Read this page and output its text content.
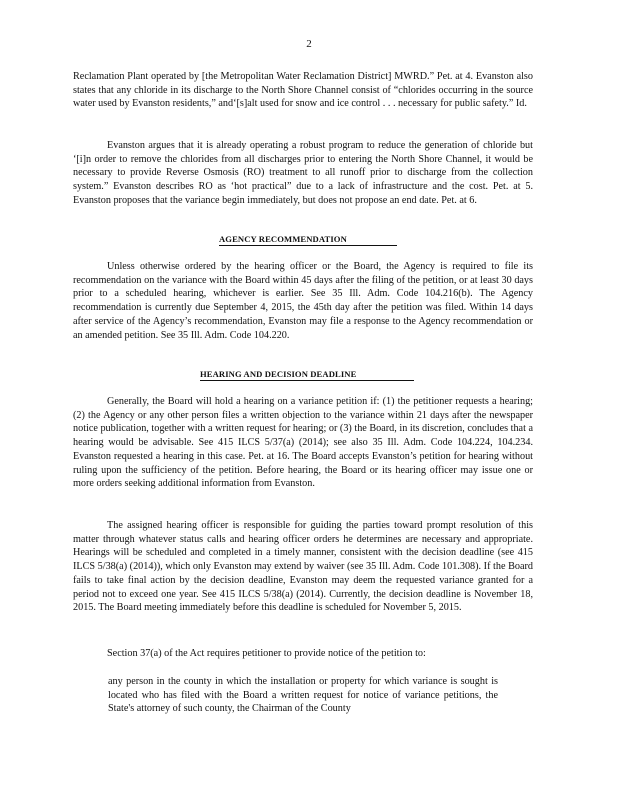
2
Reclamation Plant operated by [the Metropolitan Water Reclamation District] MWRD.” Pet. at 4. Evanston also states that any chloride in its discharge to the North Shore Channel consist of “chlorides occurring in the source water used by Evanston residents,” and‘[s]alt used for snow and ice control . . . necessary for public safety.” Id.
Evanston argues that it is already operating a robust program to reduce the generation of chloride but ‘[i]n order to remove the chlorides from all discharges prior to entering the North Shore Channel, it would be necessary to provide Reverse Osmosis (RO) treatment to all runoff prior to discharge from the collection system.” Evanston describes RO as ‘hot practical” due to a lack of infrastructure and the cost. Pet. at 5. Evanston proposes that the variance begin immediately, but does not propose an end date. Pet. at 6.
AGENCY RECOMMENDATION
Unless otherwise ordered by the hearing officer or the Board, the Agency is required to file its recommendation on the variance with the Board within 45 days after the filing of the petition, or at least 30 days prior to a scheduled hearing, whichever is earlier. See 35 Ill. Adm. Code 104.216(b). The Agency recommendation is currently due September 4, 2015, the 45th day after the petition was filed. Within 14 days after service of the Agency’s recommendation, Evanston may file a response to the Agency recommendation or an amended petition. See 35 Ill. Adm. Code 104.220.
HEARING AND DECISION DEADLINE
Generally, the Board will hold a hearing on a variance petition if: (1) the petitioner requests a hearing; (2) the Agency or any other person files a written objection to the variance within 21 days after the newspaper notice publication, together with a written request for hearing; or (3) the Board, in its discretion, concludes that a hearing would be advisable. See 415 ILCS 5/37(a) (2014); see also 35 Ill. Adm. Code 104.224, 104.234. Evanston requested a hearing in this case. Pet. at 16. The Board accepts Evanston’s petition for hearing without ruling upon the sufficiency of the petition. Before hearing, the Board or its hearing officer may issue one or more orders seeking additional information from Evanston.
The assigned hearing officer is responsible for guiding the parties toward prompt resolution of this matter through whatever status calls and hearing officer orders he determines are necessary and appropriate. Hearings will be scheduled and completed in a timely manner, consistent with the decision deadline (see 415 ILCS 5/38(a) (2014)), which only Evanston may extend by waiver (see 35 Ill. Adm. Code 101.308). If the Board fails to take final action by the decision deadline, Evanston may deem the requested variance granted for a period not to exceed one year. See 415 ILCS 5/38(a) (2014). Currently, the decision deadline is November 18, 2015. The Board meeting immediately before this deadline is scheduled for November 5, 2015.
Section 37(a) of the Act requires petitioner to provide notice of the petition to:
any person in the county in which the installation or property for which variance is sought is located who has filed with the Board a written request for notice of variance petitions, the State's attorney of such county, the Chairman of the County
